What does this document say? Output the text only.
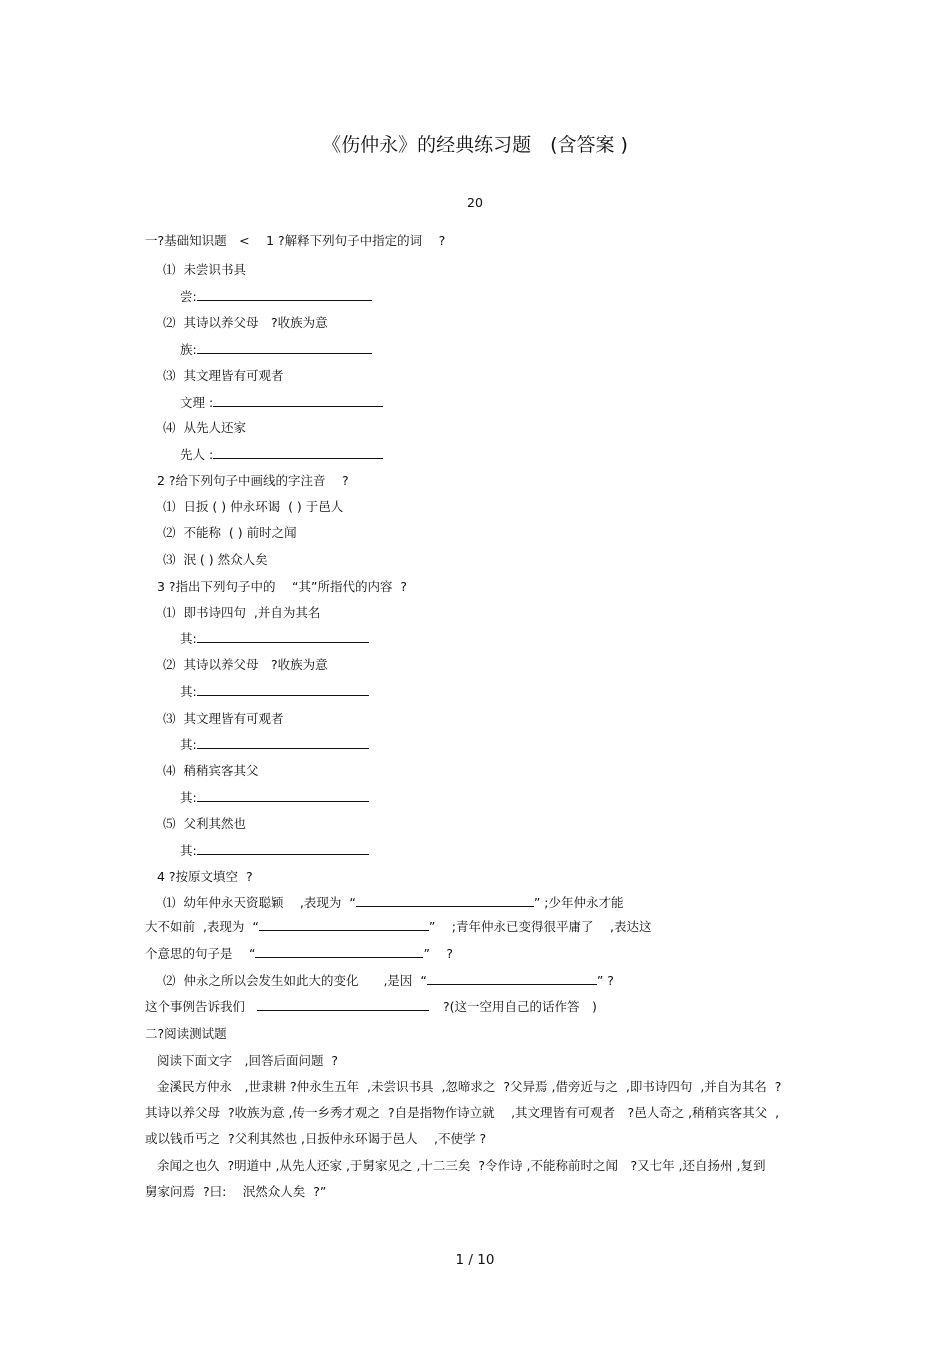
《伤仲永》的经典练习题　(含答案 )
20
一?基础知识题　<　 1 ?解释下列句子中指定的词　 ?
⑴  未尝识书具
尝:
⑵  其诗以养父母　?收族为意
族:
⑶  其文理皆有可观者
文理 :
⑷  从先人还家
先人 :
2 ?给下列句子中画线的字注音　 ?
⑴  日扳 ( ) 仲永环谒  ( ) 于邑人
⑵  不能称  ( ) 前时之闻
⑶  泯 ( ) 然众人矣
3 ?指出下列句子中的　 “其”所指代的内容  ?
⑴  即书诗四句  ,并自为其名
其:
⑵  其诗以养父母　?收族为意
其:
⑶  其文理皆有可观者
其:
⑷  稍稍宾客其父
其:
⑸  父利其然也
其:
4 ?按原文填空  ?
⑴  幼年仲永天资聪颖　 ,表现为  “	” ;少年仲永才能
大不如前  ,表现为  “	”　 ;青年仲永已变得很平庸了　 ,表达这
个意思的句子是　 “	”　 ?
⑵  仲永之所以会发生如此大的变化　　,是因  “	” ?
这个事例告诉我们	?(这一空用自己的话作答　)
二?阅读测试题
阅读下面文字　,回答后面问题  ?
金溪民方仲永　,世隶耕 ?仲永生五年  ,未尝识书具  ,忽啼求之  ?父异焉 ,借旁近与之  ,即书诗四句  ,并自为其名  ?
其诗以养父母  ?收族为意 ,传一乡秀才观之  ?自是指物作诗立就　 ,其文理皆有可观者　?邑人奇之 ,稍稍宾客其父  ,
或以钱币丐之  ?父利其然也 ,日扳仲永环谒于邑人　 ,不使学 ?
余闻之也久  ?明道中 ,从先人还家 ,于舅家见之 ,十二三矣  ?令作诗 ,不能称前时之闻　?又七年 ,还自扬州 ,复到
舅家问焉  ?曰: 　泯然众人矣  ?”
1 / 10
